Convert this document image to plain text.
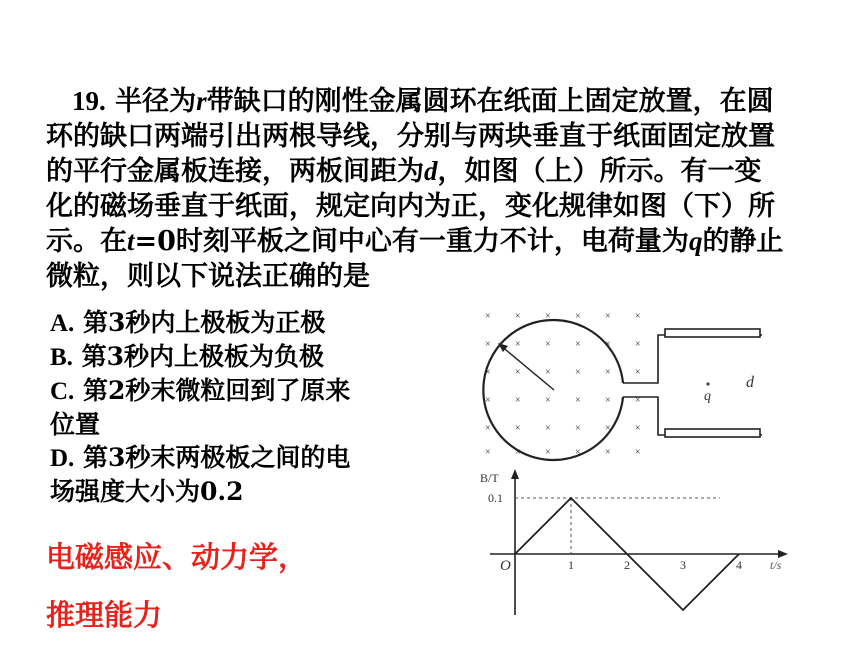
19. 半径为r带缺口的刚性金属圆环在纸面上固定放置，在圆

环的缺口两端引出两根导线，分别与两块垂直于纸面固定放置

的平行金属板连接，两板间距为d，如图（上）所示。有一变

化的磁场垂直于纸面，规定向内为正，变化规律如图（下）所

示。在t=0时刻平板之间中心有一重力不计，电荷量为q的静止

微粒，则以下说法正确的是

A. 第3秒内上极板为正极
B. 第3秒内上极板为负极
C. 第2秒末微粒回到了原来
位置
D. 第3秒末两极板之间的电
场强度大小为0.2
电磁感应、动力学，
推理能力
× × × × × ×
× × × × × ×
× × × × × ×
× × × × × ×
× × × × × ×
× × × × × ×
q
d
B/T
t/s
O
0.1
1	2	3	4
